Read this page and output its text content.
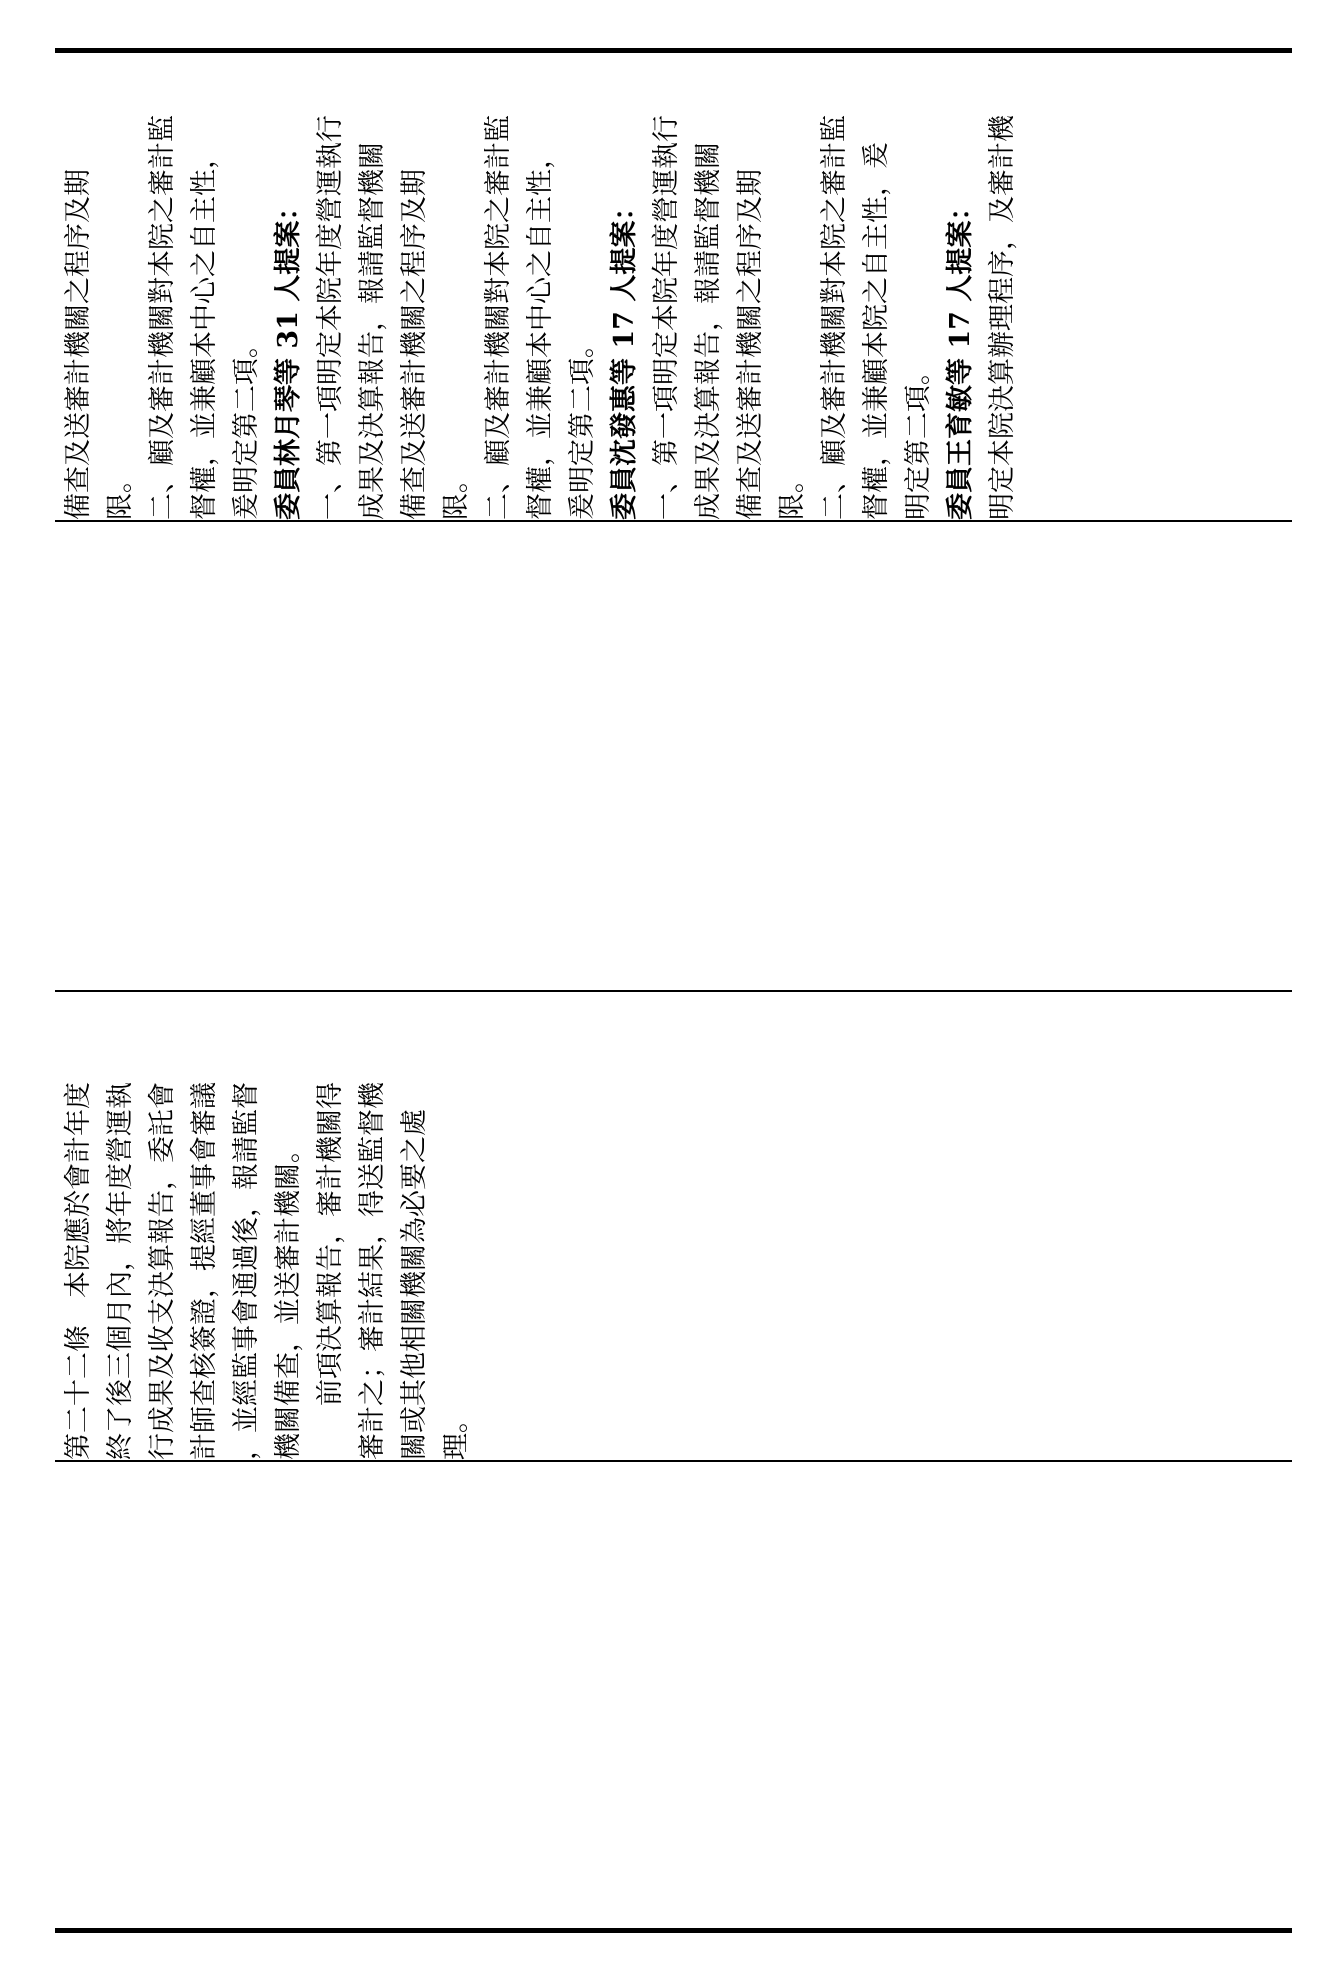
備查及送審計機關之程序及期 限。 二、顧及審計機關對本院之審計監 督權，並兼顧本中心之自主性， 爰明定第二項。 委員林月琴等 31 人提案： 一、第一項明定本院年度營運執行 成果及決算報告，報請監督機關 備查及送審計機關之程序及期 限。 二、顧及審計機關對本院之審計監 督權，並兼顧本中心之自主性， 爰明定第二項。 委員沈發惠等 17 人提案： 一、第一項明定本院年度營運執行 成果及決算報告，報請監督機關 備查及送審計機關之程序及期 限。 二、顧及審計機關對本院之審計監 督權，並兼顧本院之自主性，爰 明定第二項。 委員王育敏等 17 人提案： 明定本院決算辦理程序，及審計機
第二十二條　本院應於會計年度 終了後三個月內，將年度營運執 行成果及收支決算報告，委託會 計師查核簽證，提經董事會審議 ，並經監事會通過後，報請監督 機關備查，並送審計機關。 　　前項決算報告，審計機關得 審計之；審計結果，得送監督機 關或其他相關機關為必要之處 理。
